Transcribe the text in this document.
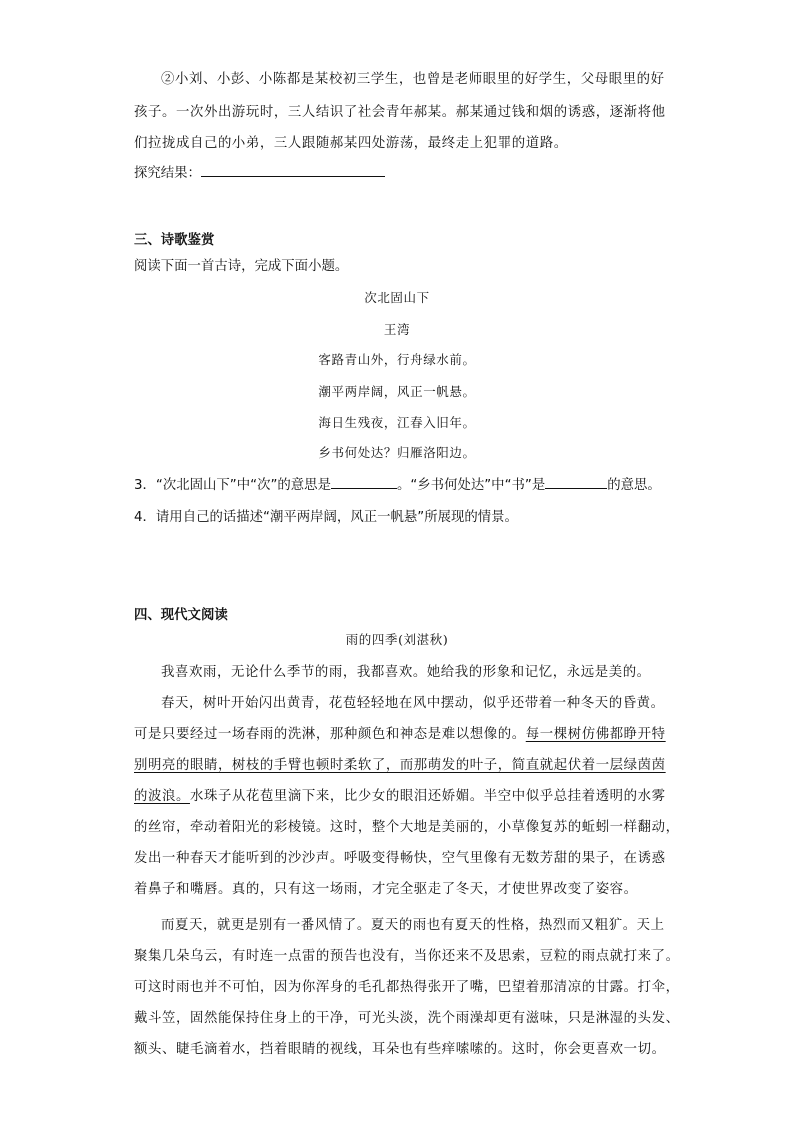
②小刘、小彭、小陈都是某校初三学生，也曾是老师眼里的好学生，父母眼里的好
孩子。一次外出游玩时，三人结识了社会青年郝某。郝某通过钱和烟的诱惑，逐渐将他
们拉拢成自己的小弟，三人跟随郝某四处游荡，最终走上犯罪的道路。
探究结果：
三、诗歌鉴赏
阅读下面一首古诗，完成下面小题。
次北固山下
王湾
客路青山外，行舟绿水前。
潮平两岸阔，风正一帆悬。
海日生残夜，江春入旧年。
乡书何处达？归雁洛阳边。
3．“次北固山下”中“次”的意思是	。“乡书何处达”中“书”是	的意思。
4．请用自己的话描述“潮平两岸阔，风正一帆悬”所展现的情景。
四、现代文阅读
雨的四季(刘湛秋)
我喜欢雨，无论什么季节的雨，我都喜欢。她给我的形象和记忆，永远是美的。
春天，树叶开始闪出黄青，花苞轻轻地在风中摆动，似乎还带着一种冬天的昏黄。
可是只要经过一场春雨的洗淋，那种颜色和神态是难以想像的。每一棵树仿佛都睁开特
别明亮的眼睛，树枝的手臂也顿时柔软了，而那萌发的叶子，简直就起伏着一层绿茵茵
的波浪。水珠子从花苞里滴下来，比少女的眼泪还娇媚。半空中似乎总挂着透明的水雾
的丝帘，牵动着阳光的彩棱镜。这时，整个大地是美丽的，小草像复苏的蚯蚓一样翻动，
发出一种春天才能听到的沙沙声。呼吸变得畅快，空气里像有无数芳甜的果子，在诱惑
着鼻子和嘴唇。真的，只有这一场雨，才完全驱走了冬天，才使世界改变了姿容。
而夏天，就更是别有一番风情了。夏天的雨也有夏天的性格，热烈而又粗犷。天上
聚集几朵乌云，有时连一点雷的预告也没有，当你还来不及思索，豆粒的雨点就打来了。
可这时雨也并不可怕，因为你浑身的毛孔都热得张开了嘴，巴望着那清凉的甘露。打伞，
戴斗笠，固然能保持住身上的干净，可光头淡，洗个雨澡却更有滋味，只是淋湿的头发、
额头、睫毛滴着水，挡着眼睛的视线，耳朵也有些痒嗦嗦的。这时，你会更喜欢一切。
